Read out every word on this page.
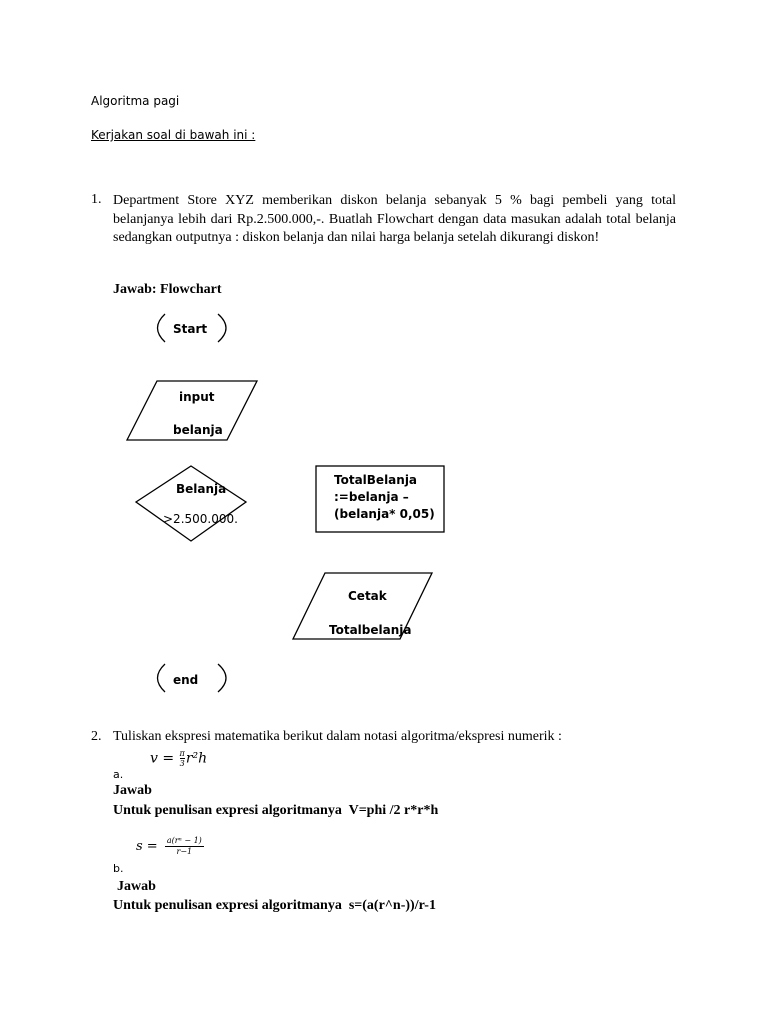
Algoritma pagi
Kerjakan soal di bawah ini :
1. Department Store XYZ memberikan diskon belanja sebanyak 5 % bagi pembeli yang total belanjanya lebih dari Rp.2.500.000,-. Buatlah Flowchart dengan data masukan adalah total belanja sedangkan outputnya : diskon belanja dan nilai harga belanja setelah dikurangi diskon!
Jawab: Flowchart
Start
input
belanja
Belanja
>2.500.000.
TotalBelanja
:=belanja –
(belanja* 0,05)
Cetak
Totalbelanja
end
2. Tuliskan ekspresi matematika berikut dalam notasi algoritma/ekspresi numerik :
$v = \frac{\pi}{3} r^2h$
a.
Jawab
Untuk penulisan expresi algoritmanya  V=phi /2 r*r*h
$s = \frac{\text{a(rⁿ − 1)}}{r-1}$
b.
Jawab
Untuk penulisan expresi algoritmanya  s=(a(r^n-))/r-1
